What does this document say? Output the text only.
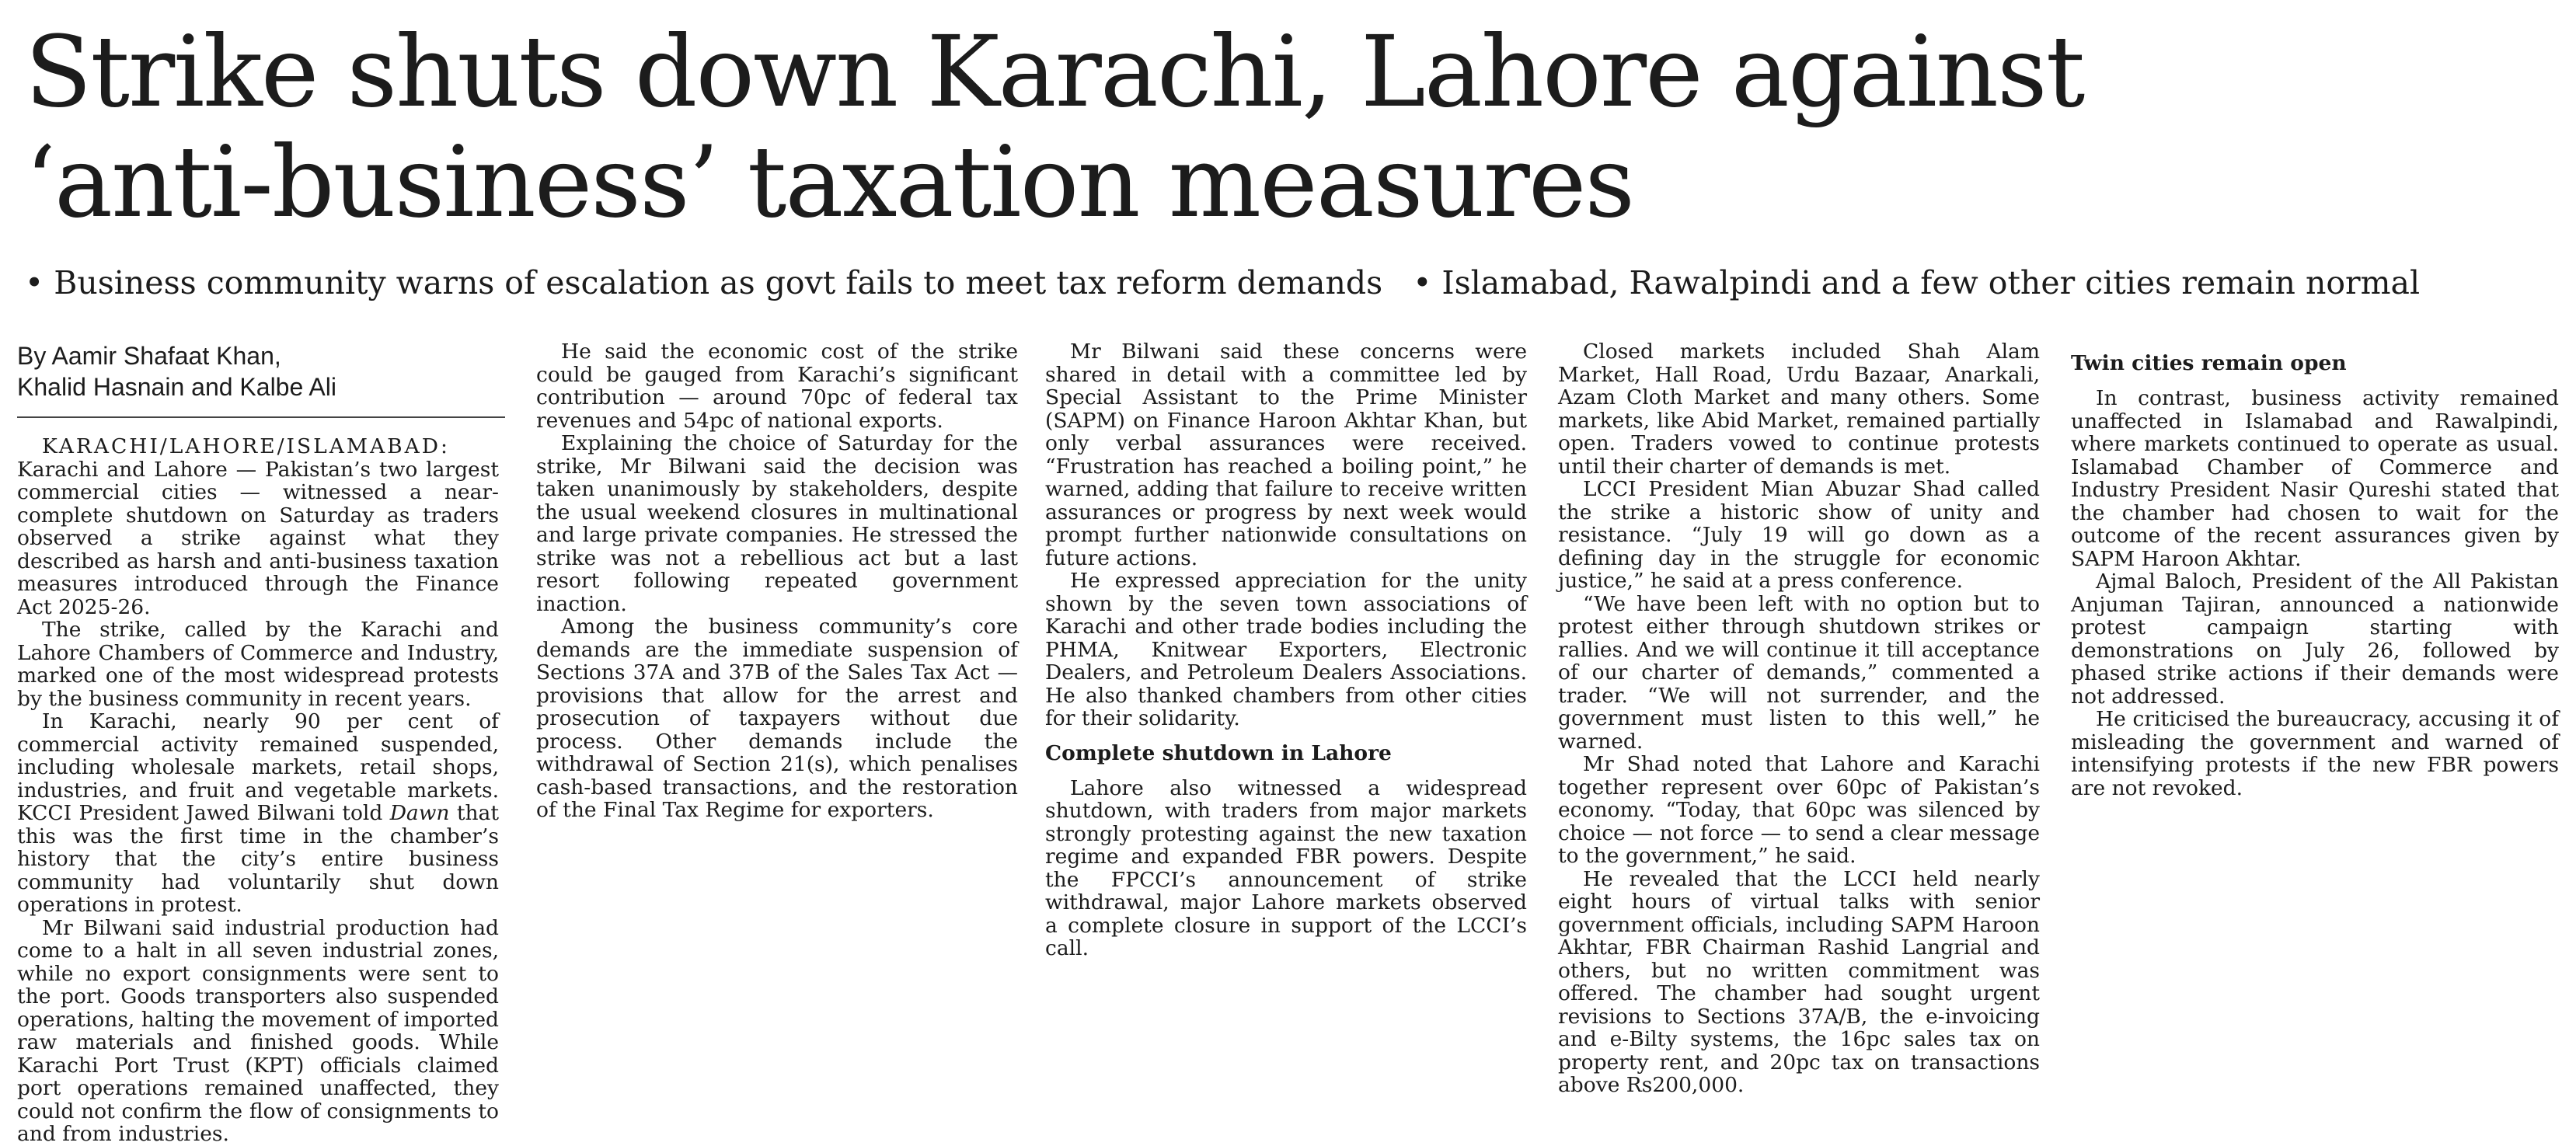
Strike shuts down Karachi, Lahore against
‘anti-business’ taxation measures
• Business community warns of escalation as govt fails to meet tax reform demands • Islamabad, Rawalpindi and a few other cities remain normal
By Aamir Shafaat Khan,
Khalid Hasnain and Kalbe Ali

KARACHI/LAHORE/ISLAMABAD: Karachi and Lahore — Pakistan’s two largest commercial cities — witnessed a near-complete shutdown on Saturday as traders observed a strike against what they described as harsh and anti-business taxation measures introduced through the Finance Act 2025-26.

The strike, called by the Karachi and Lahore Chambers of Commerce and Industry, marked one of the most widespread protests by the business community in recent years.

In Karachi, nearly 90 per cent of commercial activity remained suspended, including wholesale markets, retail shops, industries, and fruit and vegetable markets. KCCI President Jawed Bilwani told Dawn that this was the first time in the chamber’s history that the city’s entire business community had voluntarily shut down operations in protest.

Mr Bilwani said industrial production had come to a halt in all seven industrial zones, while no export consignments were sent to the port. Goods transporters also suspended operations, halting the movement of imported raw materials and finished goods. While Karachi Port Trust (KPT) officials claimed port operations remained unaffected, they could not confirm the flow of consignments to and from industries.

He said the economic cost of the strike could be gauged from Karachi’s significant contribution — around 70pc of federal tax revenues and 54pc of national exports.

Explaining the choice of Saturday for the strike, Mr Bilwani said the decision was taken unanimously by stakeholders, despite the usual weekend closures in multinational and large private companies. He stressed the strike was not a rebellious act but a last resort following repeated government inaction.

Among the business community’s core demands are the immediate suspension of Sections 37A and 37B of the Sales Tax Act — provisions that allow for the arrest and prosecution of taxpayers without due process. Other demands include the withdrawal of Section 21(s), which penalises cash-based transactions, and the restoration of the Final Tax Regime for exporters.

Mr Bilwani said these concerns were shared in detail with a committee led by Special Assistant to the Prime Minister (SAPM) on Finance Haroon Akhtar Khan, but only verbal assurances were received. “Frustration has reached a boiling point,” he warned, adding that failure to receive written assurances or progress by next week would prompt further nationwide consultations on future actions.

He expressed appreciation for the unity shown by the seven town associations of Karachi and other trade bodies including the PHMA, Knitwear Exporters, Electronic Dealers, and Petroleum Dealers Associations. He also thanked chambers from other cities for their solidarity.

Complete shutdown in Lahore

Lahore also witnessed a widespread shutdown, with traders from major markets strongly protesting against the new taxation regime and expanded FBR powers. Despite the FPCCI’s announcement of strike withdrawal, major Lahore markets observed a complete closure in support of the LCCI’s call.

Closed markets included Shah Alam Market, Hall Road, Urdu Bazaar, Anarkali, Azam Cloth Market and many others. Some markets, like Abid Market, remained partially open. Traders vowed to continue protests until their charter of demands is met.

LCCI President Mian Abuzar Shad called the strike a historic show of unity and resistance. “July 19 will go down as a defining day in the struggle for economic justice,” he said at a press conference.

“We have been left with no option but to protest either through shutdown strikes or rallies. And we will continue it till acceptance of our charter of demands,” commented a trader. “We will not surrender, and the government must listen to this well,” he warned.

Mr Shad noted that Lahore and Karachi together represent over 60pc of Pakistan’s economy. “Today, that 60pc was silenced by choice — not force — to send a clear message to the government,” he said.

He revealed that the LCCI held nearly eight hours of virtual talks with senior government officials, including SAPM Haroon Akhtar, FBR Chairman Rashid Langrial and others, but no written commitment was offered. The chamber had sought urgent revisions to Sections 37A/B, the e-invoicing and e-Bilty systems, the 16pc sales tax on property rent, and 20pc tax on transactions above Rs200,000.

Twin cities remain open

In contrast, business activity remained unaffected in Islamabad and Rawalpindi, where markets continued to operate as usual. Islamabad Chamber of Commerce and Industry President Nasir Qureshi stated that the chamber had chosen to wait for the outcome of the recent assurances given by SAPM Haroon Akhtar.

Ajmal Baloch, President of the All Pakistan Anjuman Tajiran, announced a nationwide protest campaign starting with demonstrations on July 26, followed by phased strike actions if their demands were not addressed.

He criticised the bureaucracy, accusing it of misleading the government and warned of intensifying protests if the new FBR powers are not revoked.
